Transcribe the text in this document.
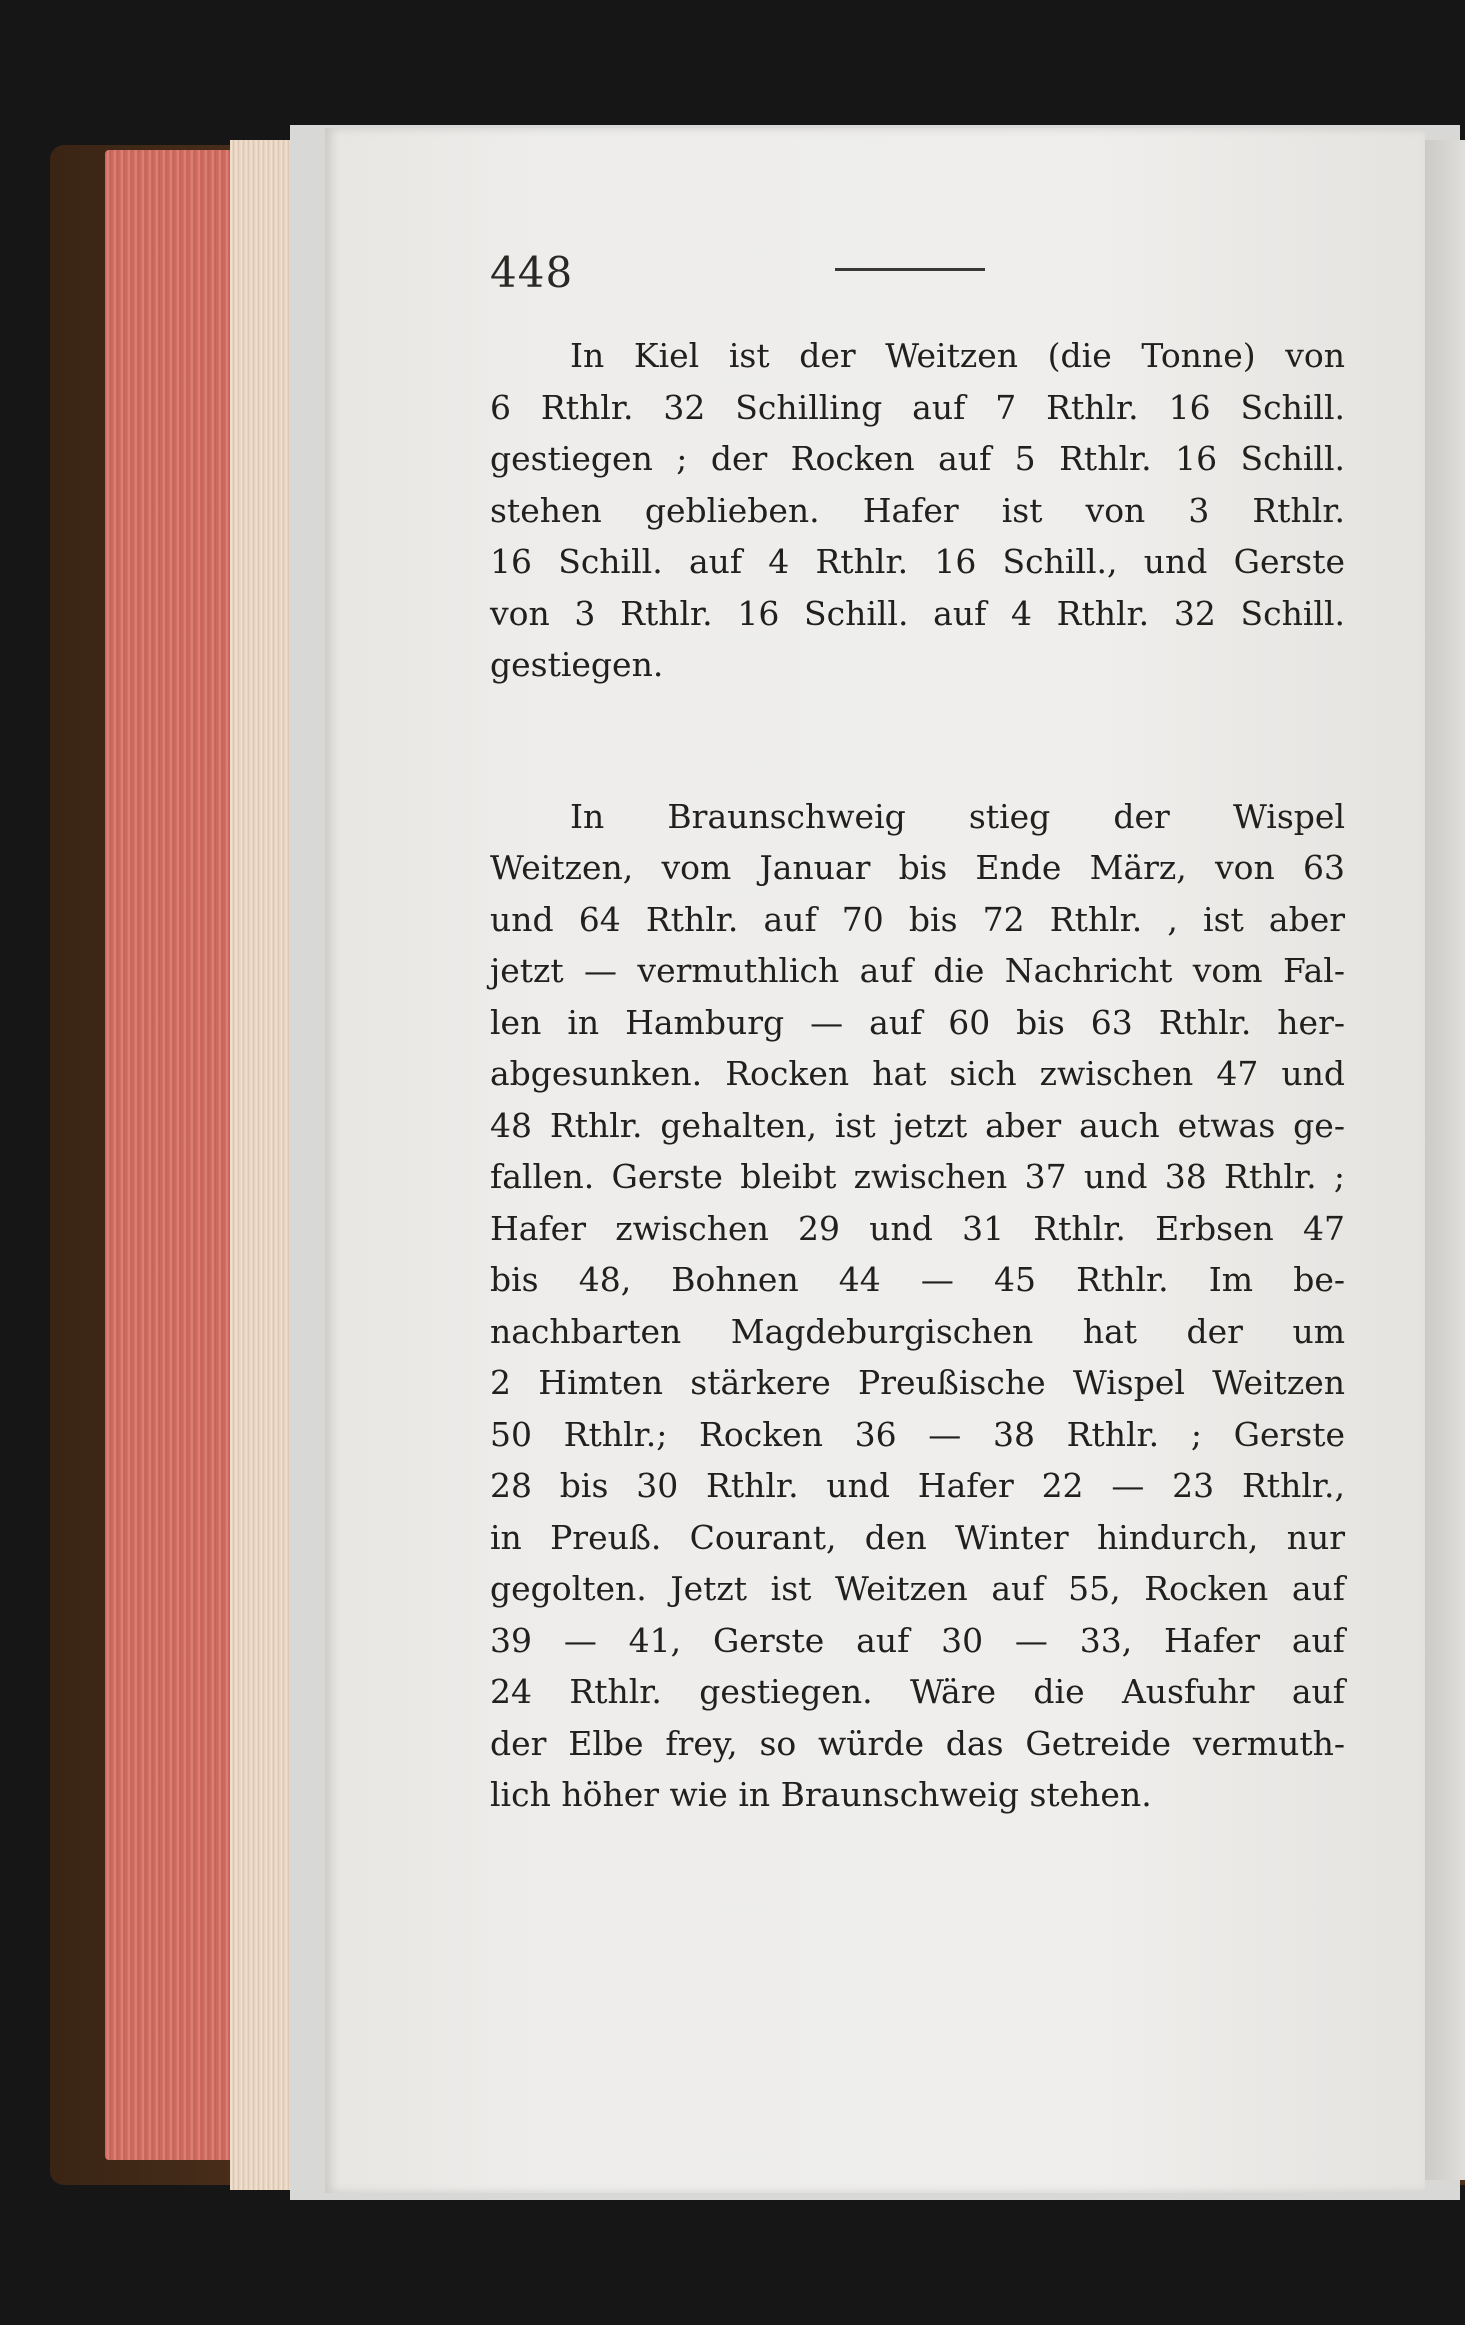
448
In Kiel ist der Weitzen (die Tonne) von
6 Rthlr. 32 Schilling auf 7 Rthlr. 16 Schill.
gestiegen ; der Rocken auf 5 Rthlr. 16 Schill.
stehen geblieben. Hafer ist von 3 Rthlr.
16 Schill. auf 4 Rthlr. 16 Schill., und Gerste
von 3 Rthlr. 16 Schill. auf 4 Rthlr. 32 Schill.
gestiegen.
In Braunschweig stieg der Wispel
Weitzen, vom Januar bis Ende März, von 63
und 64 Rthlr. auf 70 bis 72 Rthlr. , ist aber
jetzt — vermuthlich auf die Nachricht vom Fal-
len in Hamburg — auf 60 bis 63 Rthlr. her-
abgesunken. Rocken hat sich zwischen 47 und
48 Rthlr. gehalten, ist jetzt aber auch etwas ge-
fallen. Gerste bleibt zwischen 37 und 38 Rthlr. ;
Hafer zwischen 29 und 31 Rthlr. Erbsen 47
bis 48, Bohnen 44 — 45 Rthlr. Im be-
nachbarten Magdeburgischen hat der um
2 Himten stärkere Preußische Wispel Weitzen
50 Rthlr.; Rocken 36 — 38 Rthlr. ; Gerste
28 bis 30 Rthlr. und Hafer 22 — 23 Rthlr.,
in Preuß. Courant, den Winter hindurch, nur
gegolten. Jetzt ist Weitzen auf 55, Rocken auf
39 — 41, Gerste auf 30 — 33, Hafer auf
24 Rthlr. gestiegen. Wäre die Ausfuhr auf
der Elbe frey, so würde das Getreide vermuth-
lich höher wie in Braunschweig stehen.
